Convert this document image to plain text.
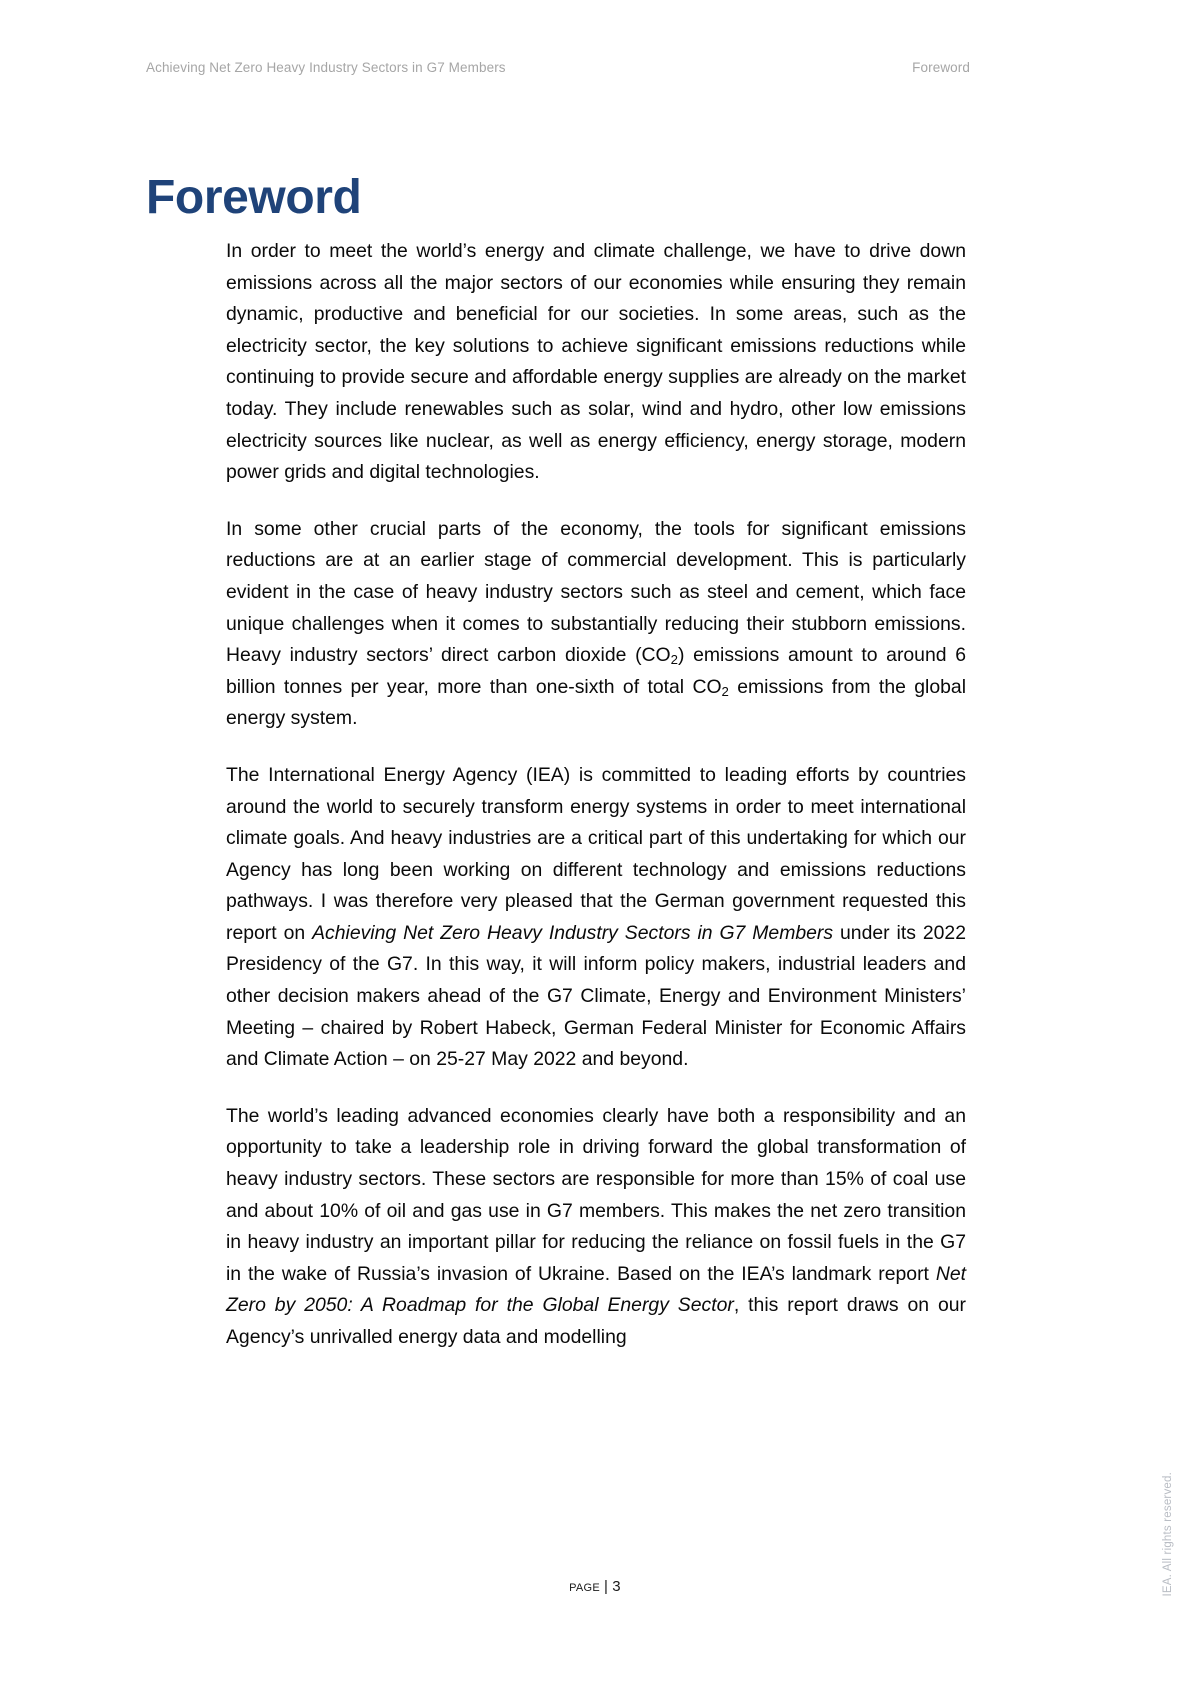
Achieving Net Zero Heavy Industry Sectors in G7 Members	Foreword
Foreword

In order to meet the world’s energy and climate challenge, we have to drive down emissions across all the major sectors of our economies while ensuring they remain dynamic, productive and beneficial for our societies. In some areas, such as the electricity sector, the key solutions to achieve significant emissions reductions while continuing to provide secure and affordable energy supplies are already on the market today. They include renewables such as solar, wind and hydro, other low emissions electricity sources like nuclear, as well as energy efficiency, energy storage, modern power grids and digital technologies.

In some other crucial parts of the economy, the tools for significant emissions reductions are at an earlier stage of commercial development. This is particularly evident in the case of heavy industry sectors such as steel and cement, which face unique challenges when it comes to substantially reducing their stubborn emissions. Heavy industry sectors’ direct carbon dioxide $(CO_2)$ emissions amount to around 6 billion tonnes per year, more than one-sixth of total $CO_2$ emissions from the global energy system.

The International Energy Agency (IEA) is committed to leading efforts by countries around the world to securely transform energy systems in order to meet international climate goals. And heavy industries are a critical part of this undertaking for which our Agency has long been working on different technology and emissions reductions pathways. I was therefore very pleased that the German government requested this report on Achieving Net Zero Heavy Industry Sectors in G7 Members under its 2022 Presidency of the G7. In this way, it will inform policy makers, industrial leaders and other decision makers ahead of the G7 Climate, Energy and Environment Ministers’ Meeting – chaired by Robert Habeck, German Federal Minister for Economic Affairs and Climate Action – on 25-27 May 2022 and beyond.

The world’s leading advanced economies clearly have both a responsibility and an opportunity to take a leadership role in driving forward the global transformation of heavy industry sectors. These sectors are responsible for more than 15% of coal use and about 10% of oil and gas use in G7 members. This makes the net zero transition in heavy industry an important pillar for reducing the reliance on fossil fuels in the G7 in the wake of Russia’s invasion of Ukraine. Based on the IEA’s landmark report Net Zero by 2050: A Roadmap for the Global Energy Sector, this report draws on our Agency’s unrivalled energy data and modelling

page | 3	IEA. All rights reserved.
